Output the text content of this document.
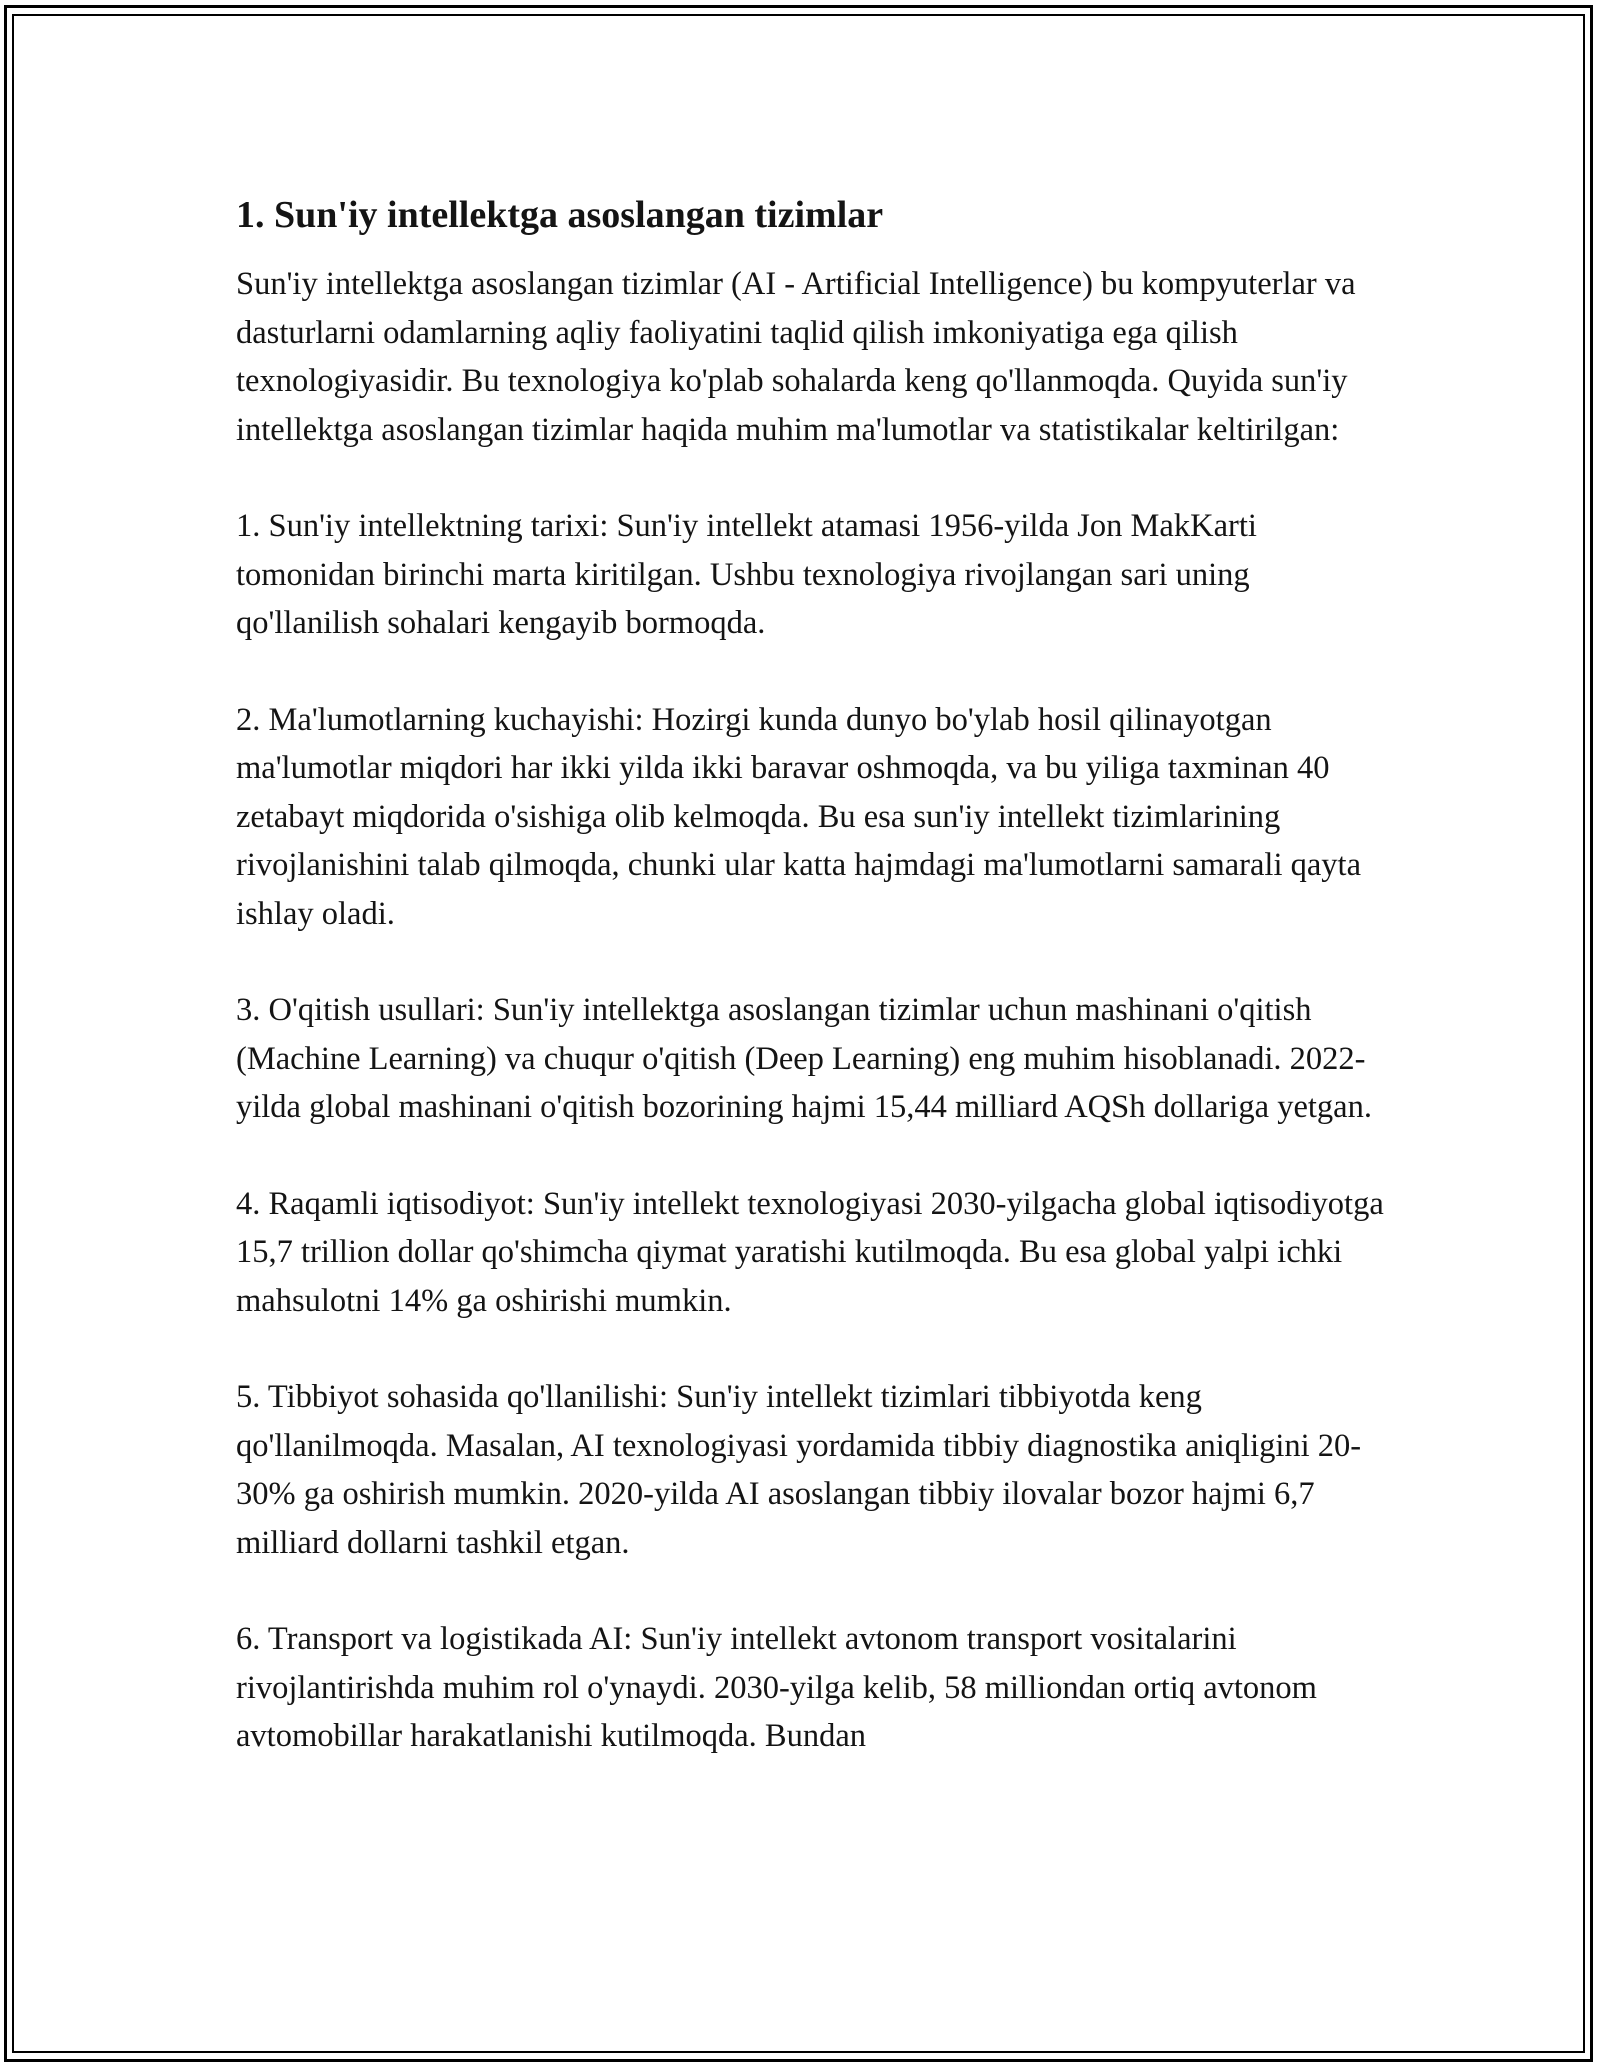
1. Sun'iy intellektga asoslangan tizimlar

Sun'iy intellektga asoslangan tizimlar (AI - Artificial Intelligence) bu kompyuterlar va dasturlarni odamlarning aqliy faoliyatini taqlid qilish imkoniyatiga ega qilish texnologiyasidir. Bu texnologiya ko'plab sohalarda keng qo'llanmoqda. Quyida sun'iy intellektga asoslangan tizimlar haqida muhim ma'lumotlar va statistikalar keltirilgan:

1. Sun'iy intellektning tarixi: Sun'iy intellekt atamasi 1956-yilda Jon MakKarti tomonidan birinchi marta kiritilgan. Ushbu texnologiya rivojlangan sari uning qo'llanilish sohalari kengayib bormoqda.

2. Ma'lumotlarning kuchayishi: Hozirgi kunda dunyo bo'ylab hosil qilinayotgan ma'lumotlar miqdori har ikki yilda ikki baravar oshmoqda, va bu yiliga taxminan 40 zetabayt miqdorida o'sishiga olib kelmoqda. Bu esa sun'iy intellekt tizimlarining rivojlanishini talab qilmoqda, chunki ular katta hajmdagi ma'lumotlarni samarali qayta ishlay oladi.

3. O'qitish usullari: Sun'iy intellektga asoslangan tizimlar uchun mashinani o'qitish (Machine Learning) va chuqur o'qitish (Deep Learning) eng muhim hisoblanadi. 2022-yilda global mashinani o'qitish bozorining hajmi 15,44 milliard AQSh dollariga yetgan.

4. Raqamli iqtisodiyot: Sun'iy intellekt texnologiyasi 2030-yilgacha global iqtisodiyotga 15,7 trillion dollar qo'shimcha qiymat yaratishi kutilmoqda. Bu esa global yalpi ichki mahsulotni 14% ga oshirishi mumkin.

5. Tibbiyot sohasida qo'llanilishi: Sun'iy intellekt tizimlari tibbiyotda keng qo'llanilmoqda. Masalan, AI texnologiyasi yordamida tibbiy diagnostika aniqligini 20-30% ga oshirish mumkin. 2020-yilda AI asoslangan tibbiy ilovalar bozor hajmi 6,7 milliard dollarni tashkil etgan.

6. Transport va logistikada AI: Sun'iy intellekt avtonom transport vositalarini rivojlantirishda muhim rol o'ynaydi. 2030-yilga kelib, 58 milliondan ortiq avtonom avtomobillar harakatlanishi kutilmoqda. Bundan
